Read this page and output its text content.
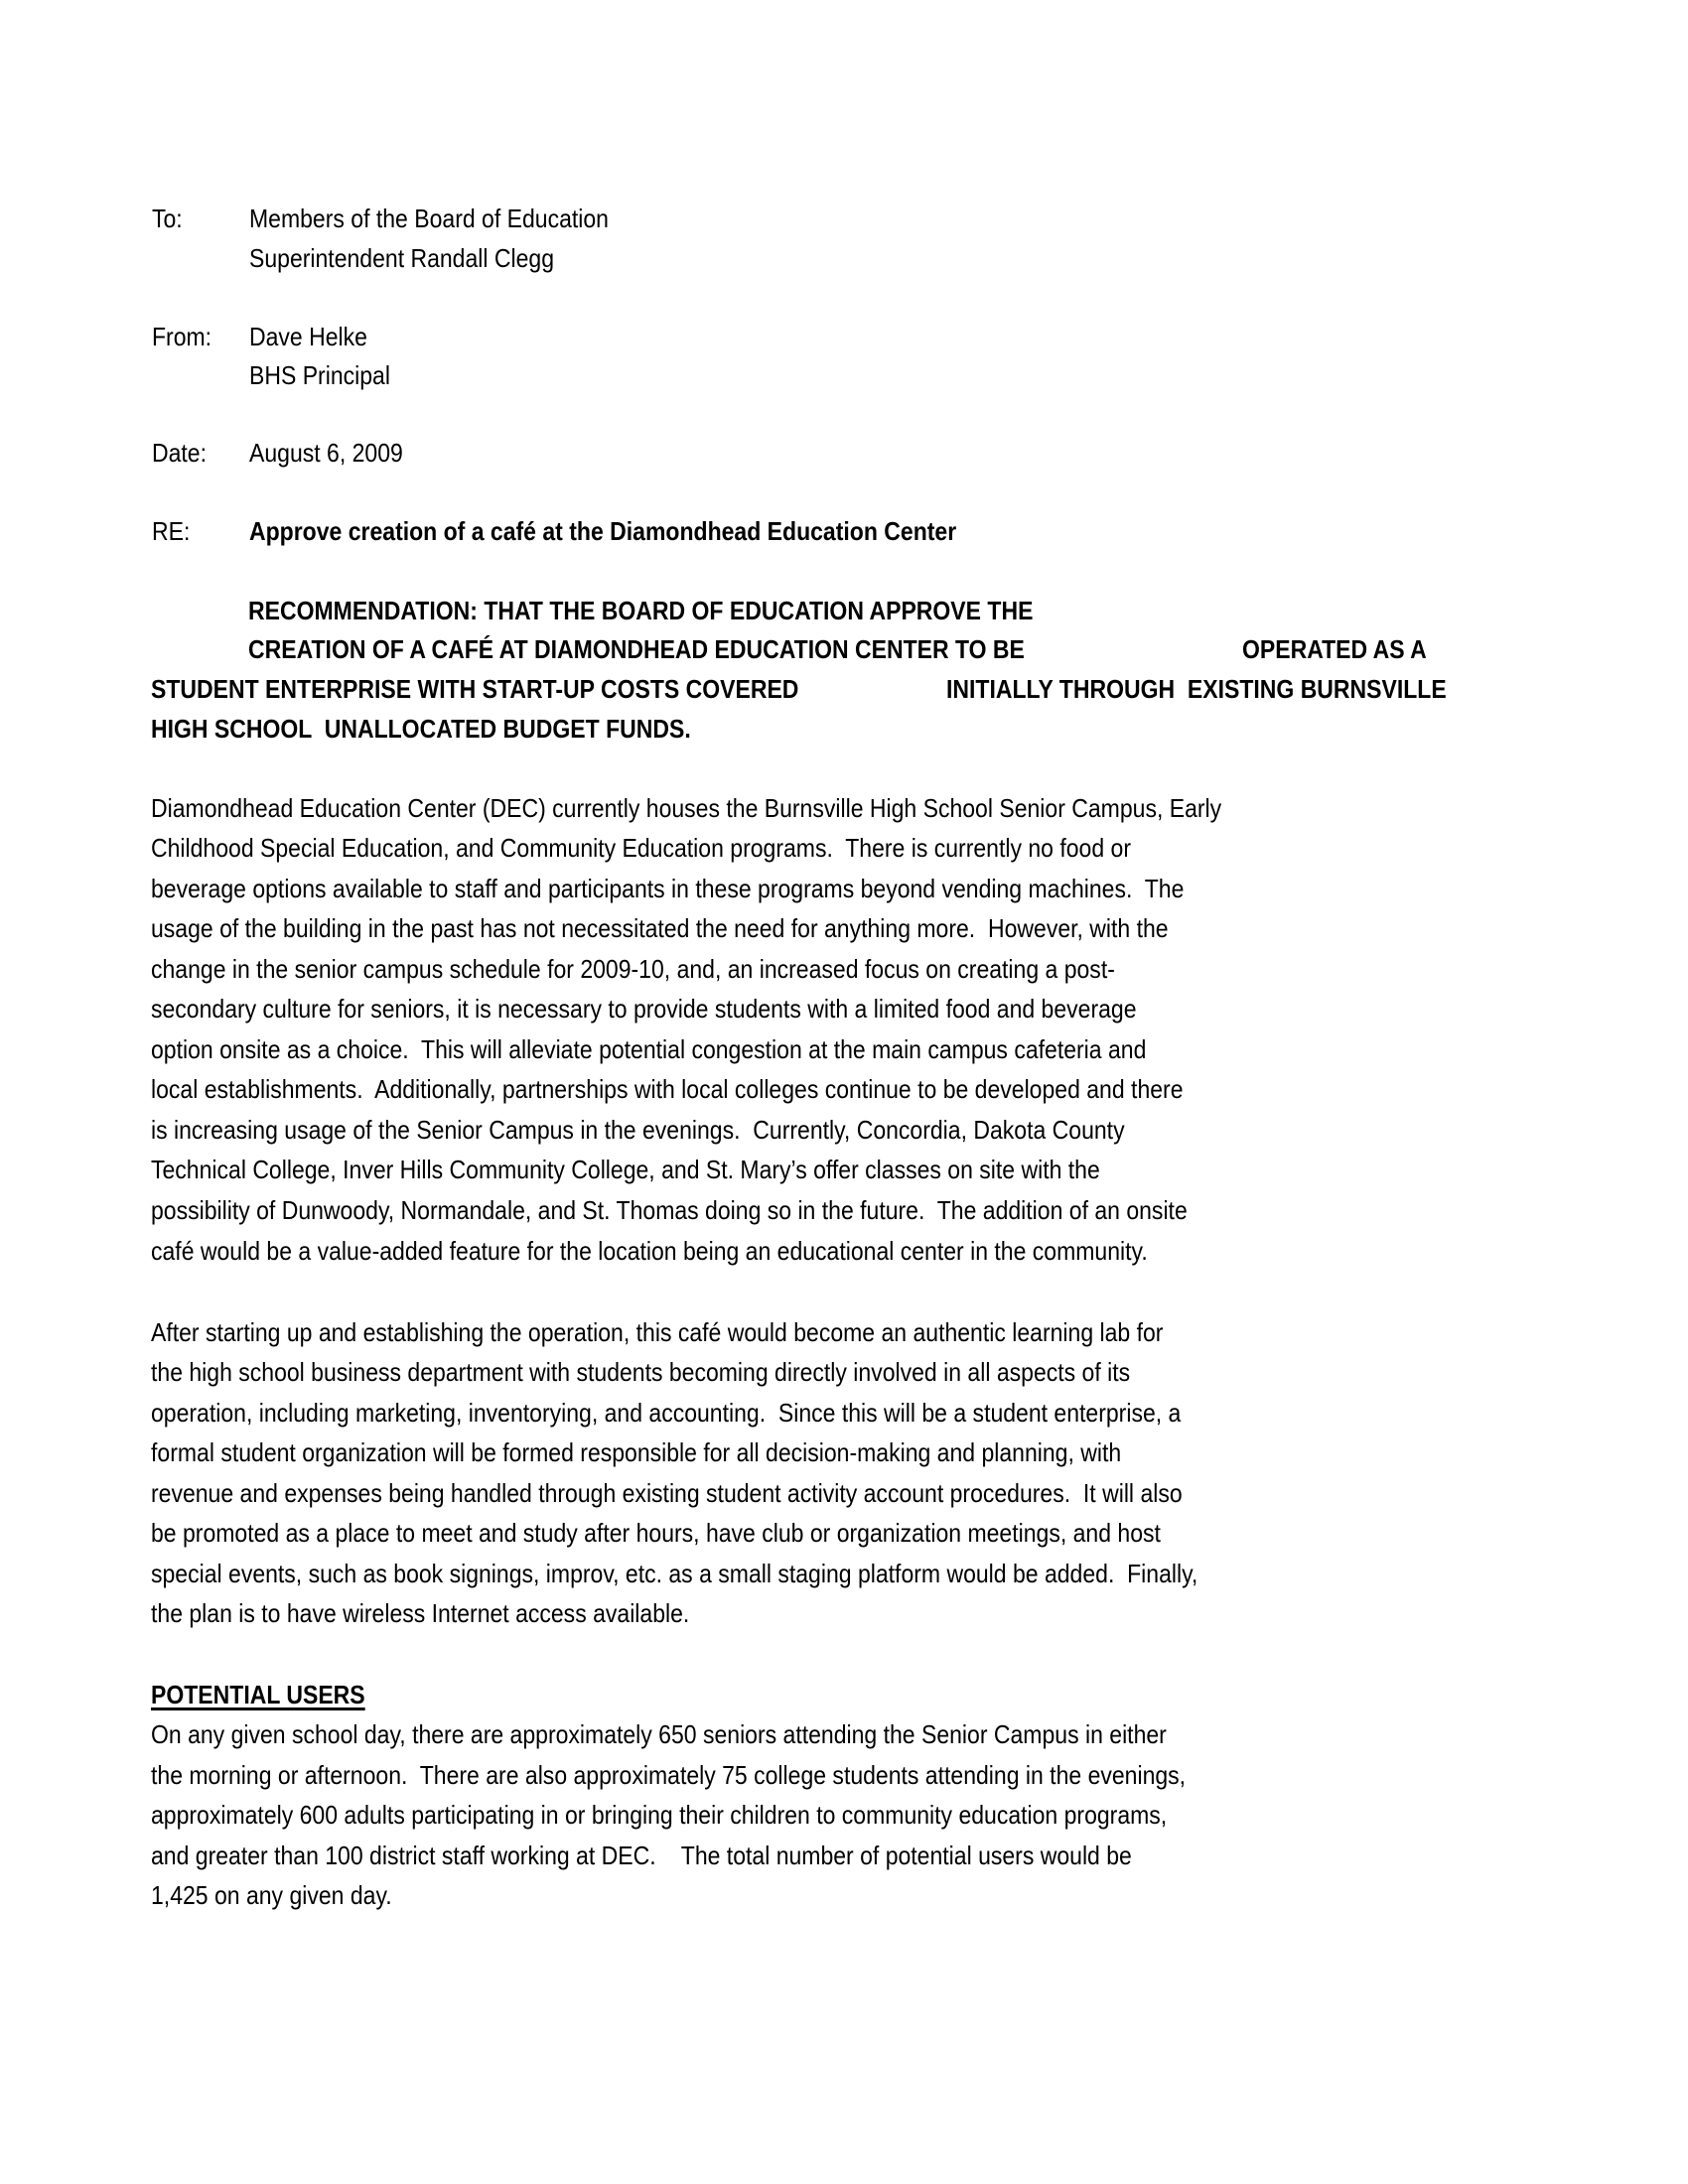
To:	Members of the Board of Education
Superintendent Randall Clegg
From: Dave Helke
BHS Principal
Date: August 6, 2009
RE: Approve creation of a café at the Diamondhead Education Center
RECOMMENDATION: THAT THE BOARD OF EDUCATION APPROVE THE
CREATION OF A CAFÉ AT DIAMONDHEAD EDUCATION CENTER TO BE	OPERATED AS A
STUDENT ENTERPRISE WITH START-UP COSTS COVERED	INITIALLY THROUGH  EXISTING BURNSVILLE
HIGH SCHOOL  UNALLOCATED BUDGET FUNDS.
Diamondhead Education Center (DEC) currently houses the Burnsville High School Senior Campus, Early
Childhood Special Education, and Community Education programs.  There is currently no food or
beverage options available to staff and participants in these programs beyond vending machines.  The
usage of the building in the past has not necessitated the need for anything more.  However, with the
change in the senior campus schedule for 2009-10, and, an increased focus on creating a post-
secondary culture for seniors, it is necessary to provide students with a limited food and beverage
option onsite as a choice.  This will alleviate potential congestion at the main campus cafeteria and
local establishments.  Additionally, partnerships with local colleges continue to be developed and there
is increasing usage of the Senior Campus in the evenings.  Currently, Concordia, Dakota County
Technical College, Inver Hills Community College, and St. Mary’s offer classes on site with the
possibility of Dunwoody, Normandale, and St. Thomas doing so in the future.  The addition of an onsite
café would be a value-added feature for the location being an educational center in the community.
After starting up and establishing the operation, this café would become an authentic learning lab for
the high school business department with students becoming directly involved in all aspects of its
operation, including marketing, inventorying, and accounting.  Since this will be a student enterprise, a
formal student organization will be formed responsible for all decision-making and planning, with
revenue and expenses being handled through existing student activity account procedures.  It will also
be promoted as a place to meet and study after hours, have club or organization meetings, and host
special events, such as book signings, improv, etc. as a small staging platform would be added.  Finally,
the plan is to have wireless Internet access available.
POTENTIAL USERS
On any given school day, there are approximately 650 seniors attending the Senior Campus in either
the morning or afternoon.  There are also approximately 75 college students attending in the evenings,
approximately 600 adults participating in or bringing their children to community education programs,
and greater than 100 district staff working at DEC.    The total number of potential users would be
1,425 on any given day.
